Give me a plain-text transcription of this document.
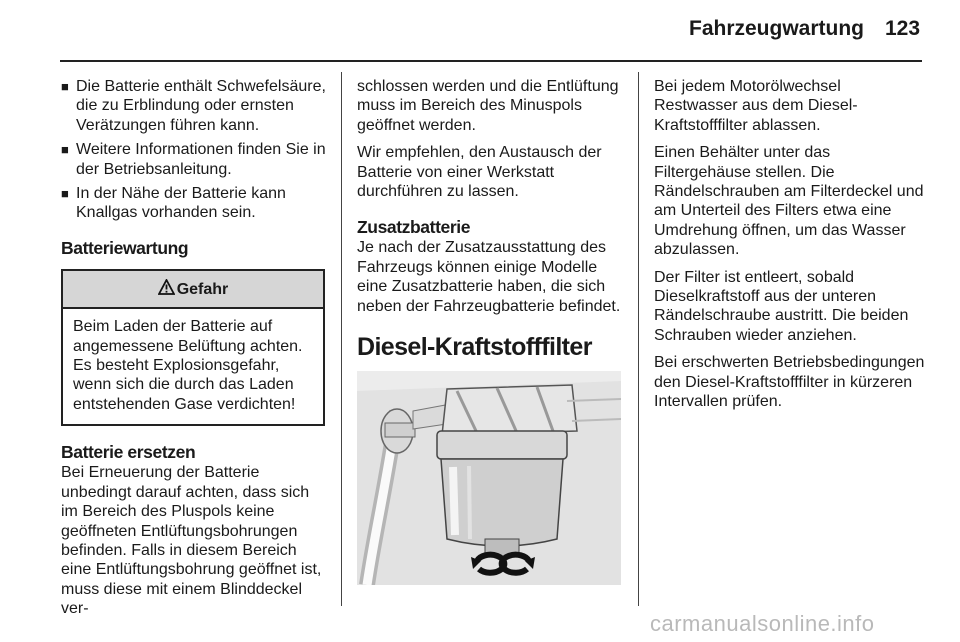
Fahrzeugwartung 123
■ Die Batterie enthält Schwefelsäure, die zu Erblindung oder ernsten Verätzungen führen kann.
■ Weitere Informationen finden Sie in der Betriebsanleitung.
■ In der Nähe der Batterie kann Knallgas vorhanden sein.
Batteriewartung
Gefahr
Beim Laden der Batterie auf angemessene Belüftung achten. Es besteht Explosionsgefahr, wenn sich die durch das Laden entstehenden Gase verdichten!
Batterie ersetzen
Bei Erneuerung der Batterie unbedingt darauf achten, dass sich im Bereich des Pluspols keine geöffneten Entlüftungsbohrungen befinden. Falls in diesem Bereich eine Entlüftungsbohrung geöffnet ist, muss diese mit einem Blinddeckel ver-

schlossen werden und die Entlüftung muss im Bereich des Minuspols geöffnet werden.

Wir empfehlen, den Austausch der Batterie von einer Werkstatt durchführen zu lassen.

Zusatzbatterie
Je nach der Zusatzausstattung des Fahrzeugs können einige Modelle eine Zusatzbatterie haben, die sich neben der Fahrzeugbatterie befindet.
Diesel-Kraftstofffilter

Bei jedem Motorölwechsel Restwasser aus dem Diesel-Kraftstofffilter ablassen.

Einen Behälter unter das Filtergehäuse stellen. Die Rändelschrauben am Filterdeckel und am Unterteil des Filters etwa eine Umdrehung öffnen, um das Wasser abzulassen.

Der Filter ist entleert, sobald Dieselkraftstoff aus der unteren Rändelschraube austritt. Die beiden Schrauben wieder anziehen.

Bei erschwerten Betriebsbedingungen den Diesel-Kraftstofffilter in kürzeren Intervallen prüfen.

carmanualsonline.info
